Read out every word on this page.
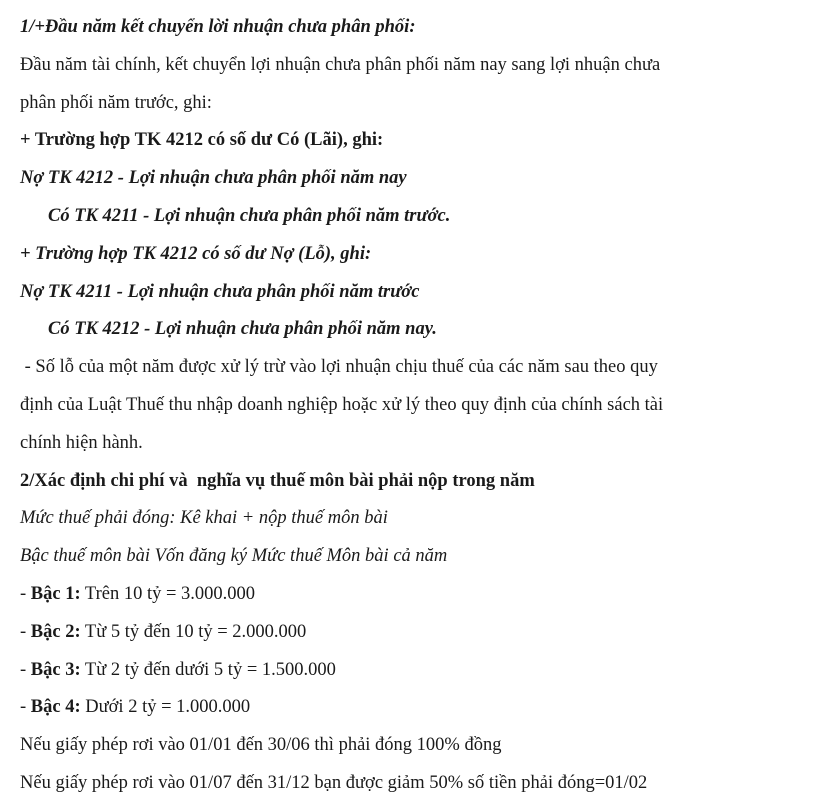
1/+Đầu năm kết chuyển lời nhuận chưa phân phối:

Đầu năm tài chính, kết chuyển lợi nhuận chưa phân phối năm nay sang lợi nhuận chưa

phân phối năm trước, ghi:

+ Trường hợp TK 4212 có số dư Có (Lãi), ghi:

Nợ TK 4212 - Lợi nhuận chưa phân phối năm nay

Có TK 4211 - Lợi nhuận chưa phân phối năm trước.

+ Trường hợp TK 4212 có số dư Nợ (Lỗ), ghi:

Nợ TK 4211 - Lợi nhuận chưa phân phối năm trước

Có TK 4212 - Lợi nhuận chưa phân phối năm nay.

- Số lỗ của một năm được xử lý trừ vào lợi nhuận chịu thuế của các năm sau theo quy

định của Luật Thuế thu nhập doanh nghiệp hoặc xử lý theo quy định của chính sách tài

chính hiện hành.

2/Xác định chi phí và  nghĩa vụ thuế môn bài phải nộp trong năm

Mức thuế phải đóng: Kê khai + nộp thuế môn bài

Bậc thuế môn bài Vốn đăng ký Mức thuế Môn bài cả năm

- Bậc 1: Trên 10 tỷ = 3.000.000

- Bậc 2: Từ 5 tỷ đến 10 tỷ = 2.000.000

- Bậc 3: Từ 2 tỷ đến dưới 5 tỷ = 1.500.000

- Bậc 4: Dưới 2 tỷ = 1.000.000

Nếu giấy phép rơi vào 01/01 đến 30/06 thì phải đóng 100% đồng

Nếu giấy phép rơi vào 01/07 đến 31/12 bạn được giảm 50% số tiền phải đóng=01/02
